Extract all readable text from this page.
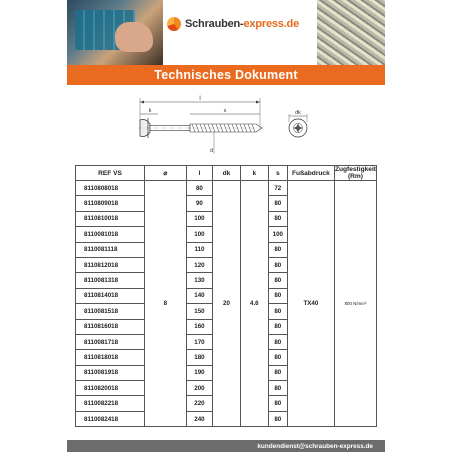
Schrauben-express.de
Technisches Dokument
l
k	s
d
dk
REF VS	⌀	l	dk	k	s	Fußabdruck	Zugfestigkeit (Rm)
8110808018	8	80	20	4.6	72	TX40	800 N/mm²
8110809018		90			80		
8110810018		100			80		
8110081018		100			100		
8110081118		110			80		
8110812018		120			80		
8110081318		130			80		
8110814018		140			80		
8110081518		150			80		
8110816018		160			80		
8110081718		170			80		
8110818018		180			80		
8110081918		190			80		
8110820018		200			80		
8110082218		220			80		
8110082418		240			80		
kundendienst@schrauben-express.de
